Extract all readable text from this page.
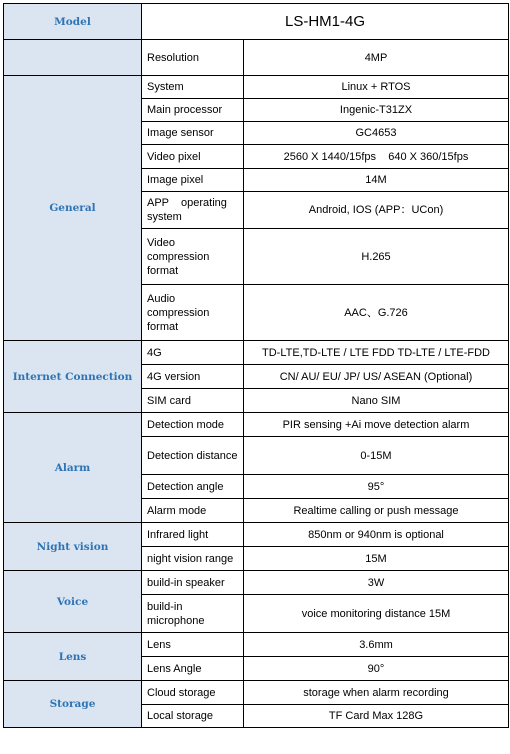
Model	LS-HM1-4G	
	Resolution	4MP
General	System	Linux + RTOS
	Main processor	Ingenic-T31ZX
	Image sensor	GC4653
	Video pixel	2560 X 1440/15fps    640 X 360/15fps
	Image pixel	14M
	APP    operating system	Android, IOS (APP：UCon)
	Video compression format	H.265
	Audio compression format	AAC、G.726
Internet Connection	4G	TD-LTE,TD-LTE / LTE FDD TD-LTE / LTE-FDD
	4G version	CN/ AU/ EU/ JP/ US/ ASEAN (Optional)
	SIM card	Nano SIM
Alarm	Detection mode	PIR sensing +Ai move detection alarm
	Detection distance	0-15M
	Detection angle	95°
	Alarm mode	Realtime calling or push message
Night vision	Infrared light	850nm or 940nm is optional
	night vision range	15M
Voice	build-in speaker	3W
	build-in microphone	voice monitoring distance 15M
Lens	Lens	3.6mm
	Lens Angle	90°
Storage	Cloud storage	storage when alarm recording
	Local storage	TF Card Max 128G
